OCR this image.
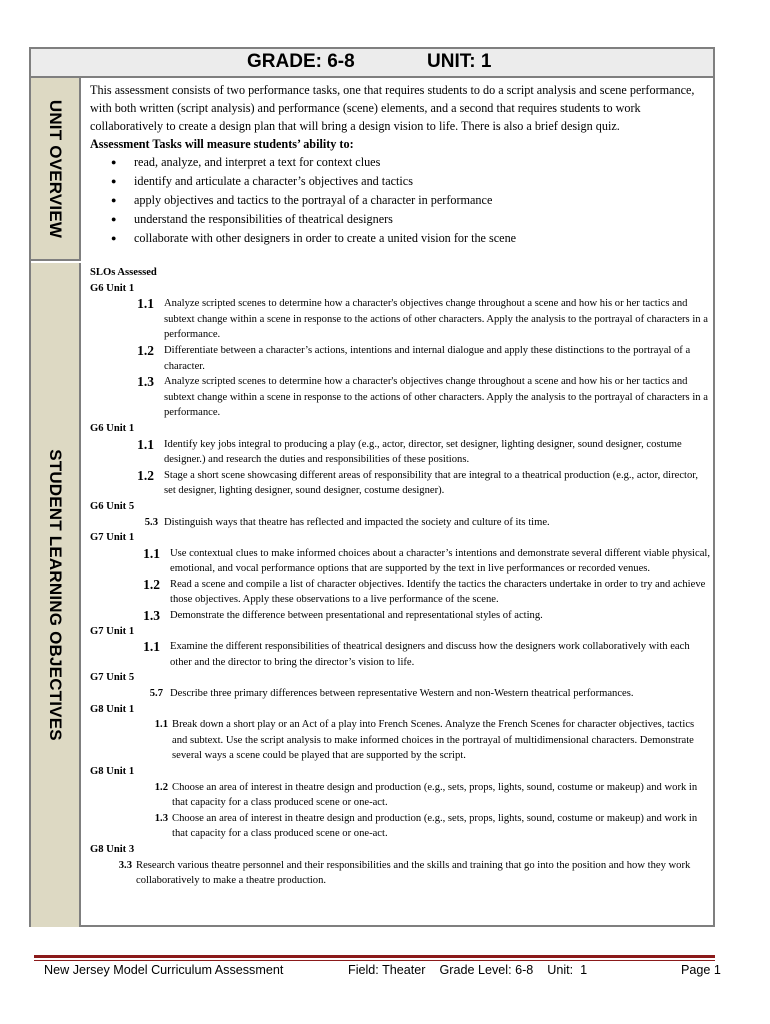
GRADE: 6-8	UNIT: 1
UNIT OVERVIEW
STUDENT LEARNING OBJECTIVES

This assessment consists of two performance tasks, one that requires students to do a script analysis and scene performance, with both written (script analysis) and performance (scene) elements, and a second that requires students to work collaboratively to create a design plan that will bring a design vision to life. There is also a brief design quiz.

Assessment Tasks will measure students’ ability to:

● read, analyze, and interpret a text for context clues
● identify and articulate a character’s objectives and tactics
● apply objectives and tactics to the portrayal of a character in performance
● understand the responsibilities of theatrical designers
● collaborate with other designers in order to create a united vision for the scene

SLOs Assessed

G6 Unit 1

1.1 Analyze scripted scenes to determine how a character's objectives change throughout a scene and how his or her tactics and subtext change within a scene in response to the actions of other characters. Apply the analysis to the portrayal of characters in a performance.
1.2 Differentiate between a character’s actions, intentions and internal dialogue and apply these distinctions to the portrayal of a character.
1.3 Analyze scripted scenes to determine how a character's objectives change throughout a scene and how his or her tactics and subtext change within a scene in response to the actions of other characters. Apply the analysis to the portrayal of characters in a performance.

G6 Unit 1

1.1 Identify key jobs integral to producing a play (e.g., actor, director, set designer, lighting designer, sound designer, costume designer.) and research the duties and responsibilities of these positions.
1.2 Stage a short scene showcasing different areas of responsibility that are integral to a theatrical production (e.g., actor, director, set designer, lighting designer, sound designer, costume designer).

G6 Unit 5

5.3 Distinguish ways that theatre has reflected and impacted the society and culture of its time.

G7 Unit 1

1.1 Use contextual clues to make informed choices about a character’s intentions and demonstrate several different viable physical, emotional, and vocal performance options that are supported by the text in live performances or recorded venues.
1.2 Read a scene and compile a list of character objectives. Identify the tactics the characters undertake in order to try and achieve those objectives. Apply these observations to a live performance of the scene.
1.3 Demonstrate the difference between presentational and representational styles of acting.

G7 Unit 1

1.1 Examine the different responsibilities of theatrical designers and discuss how the designers work collaboratively with each other and the director to bring the director’s vision to life.

G7 Unit 5

5.7 Describe three primary differences between representative Western and non-Western theatrical performances.

G8 Unit 1

1.1 Break down a short play or an Act of a play into French Scenes. Analyze the French Scenes for character objectives, tactics and subtext. Use the script analysis to make informed choices in the portrayal of multidimensional characters. Demonstrate several ways a scene could be played that are supported by the script.

G8 Unit 1

1.2 Choose an area of interest in theatre design and production (e.g., sets, props, lights, sound, costume or makeup) and work in that capacity for a class produced scene or one-act.
1.3 Choose an area of interest in theatre design and production (e.g., sets, props, lights, sound, costume or makeup) and work in that capacity for a class produced scene or one-act.

G8 Unit 3

3.3 Research various theatre personnel and their responsibilities and the skills and training that go into the position and how they work collaboratively to make a theatre production.
New Jersey Model Curriculum Assessment	Field: Theater    Grade Level: 6-8    Unit:  1	Page 1
